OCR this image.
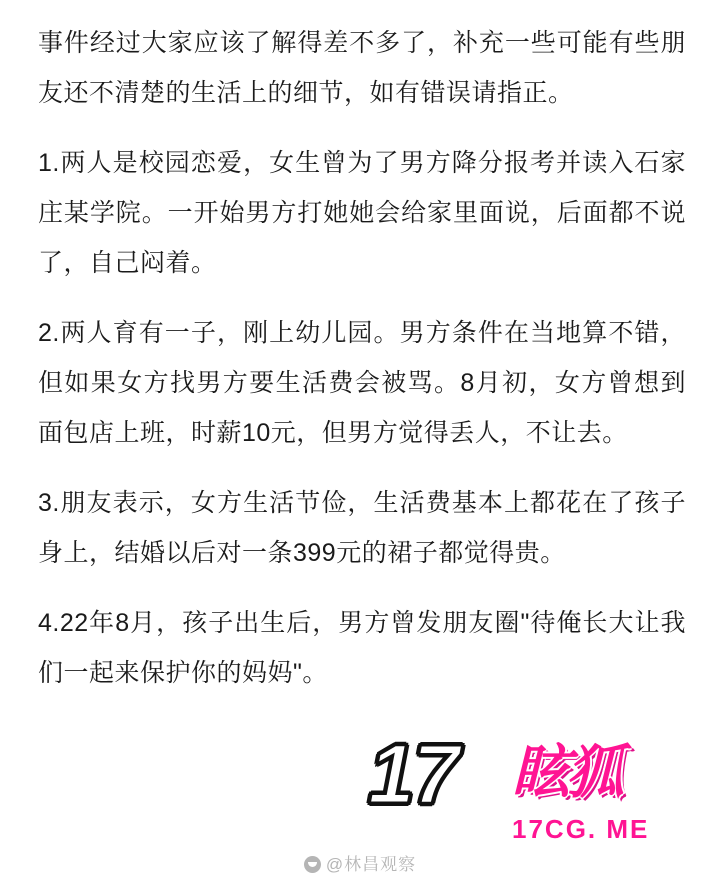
事件经过大家应该了解得差不多了，补充一些可能有些朋友还不清楚的生活上的细节，如有错误请指正。

1.两人是校园恋爱，女生曾为了男方降分报考并读入石家庄某学院。一开始男方打她她会给家里面说，后面都不说了，自己闷着。

2.两人育有一子，刚上幼儿园。男方条件在当地算不错，但如果女方找男方要生活费会被骂。8月初，女方曾想到面包店上班，时薪10元，但男方觉得丢人，不让去。

3.朋友表示，女方生活节俭，生活费基本上都花在了孩子身上，结婚以后对一条399元的裙子都觉得贵。

4.22年8月，孩子出生后，男方曾发朋友圈"待俺长大让我们一起来保护你的妈妈"。

17 眩狐
17CG. ME
@林昌观察
